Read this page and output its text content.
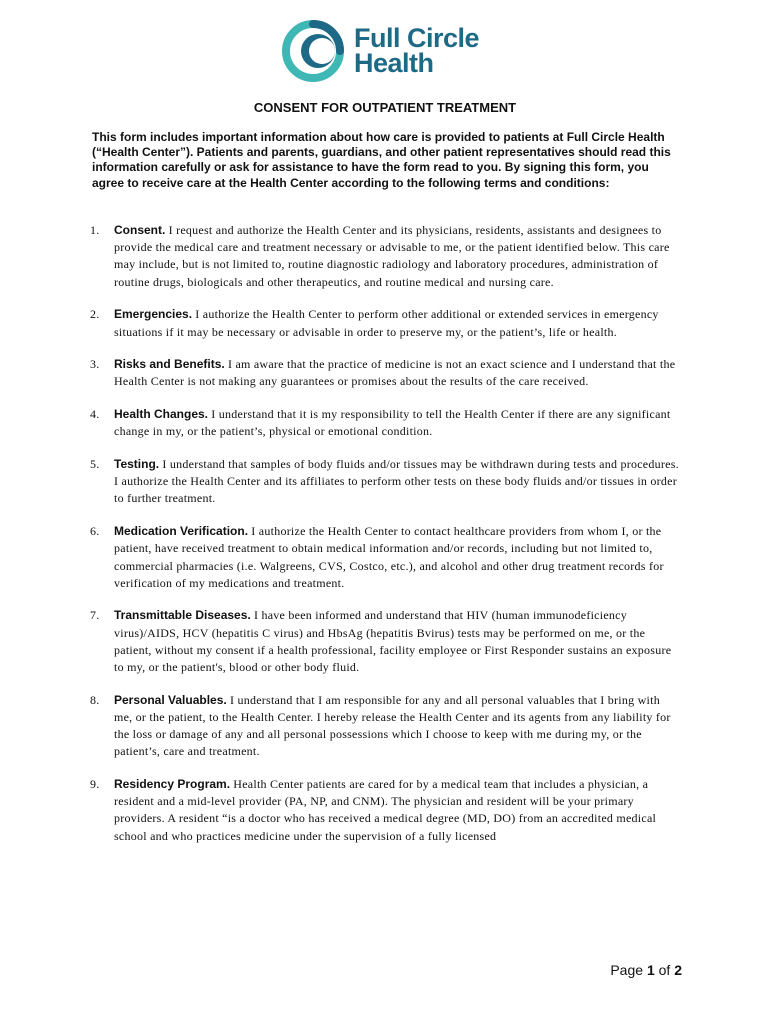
Full Circle
Health
CONSENT FOR OUTPATIENT TREATMENT
This form includes important information about how care is provided to patients at Full Circle Health (“Health Center”). Patients and parents, guardians, and other patient representatives should read this information carefully or ask for assistance to have the form read to you. By signing this form, you agree to receive care at the Health Center according to the following terms and conditions:
1. Consent. I request and authorize the Health Center and its physicians, residents, assistants and designees to provide the medical care and treatment necessary or advisable to me, or the patient identified below. This care may include, but is not limited to, routine diagnostic radiology and laboratory procedures, administration of routine drugs, biologicals and other therapeutics, and routine medical and nursing care.
2. Emergencies. I authorize the Health Center to perform other additional or extended services in emergency situations if it may be necessary or advisable in order to preserve my, or the patient’s, life or health.
3. Risks and Benefits. I am aware that the practice of medicine is not an exact science and I understand that the Health Center is not making any guarantees or promises about the results of the care received.
4. Health Changes. I understand that it is my responsibility to tell the Health Center if there are any significant change in my, or the patient’s, physical or emotional condition.
5. Testing. I understand that samples of body fluids and/or tissues may be withdrawn during tests and procedures. I authorize the Health Center and its affiliates to perform other tests on these body fluids and/or tissues in order to further treatment.
6. Medication Verification. I authorize the Health Center to contact healthcare providers from whom I, or the patient, have received treatment to obtain medical information and/or records, including but not limited to, commercial pharmacies (i.e. Walgreens, CVS, Costco, etc.), and alcohol and other drug treatment records for verification of my medications and treatment.
7. Transmittable Diseases. I have been informed and understand that HIV (human immunodeficiency virus)/AIDS, HCV (hepatitis C virus) and HbsAg (hepatitis Bvirus) tests may be performed on me, or the patient, without my consent if a health professional, facility employee or First Responder sustains an exposure to my, or the patient's, blood or other body fluid.
8. Personal Valuables. I understand that I am responsible for any and all personal valuables that I bring with me, or the patient, to the Health Center. I hereby release the Health Center and its agents from any liability for the loss or damage of any and all personal possessions which I choose to keep with me during my, or the patient’s, care and treatment.
9. Residency Program. Health Center patients are cared for by a medical team that includes a physician, a resident and a mid-level provider (PA, NP, and CNM). The physician and resident will be your primary providers. A resident “is a doctor who has received a medical degree (MD, DO) from an accredited medical school and who practices medicine under the supervision of a fully licensed
Page 1 of 2
